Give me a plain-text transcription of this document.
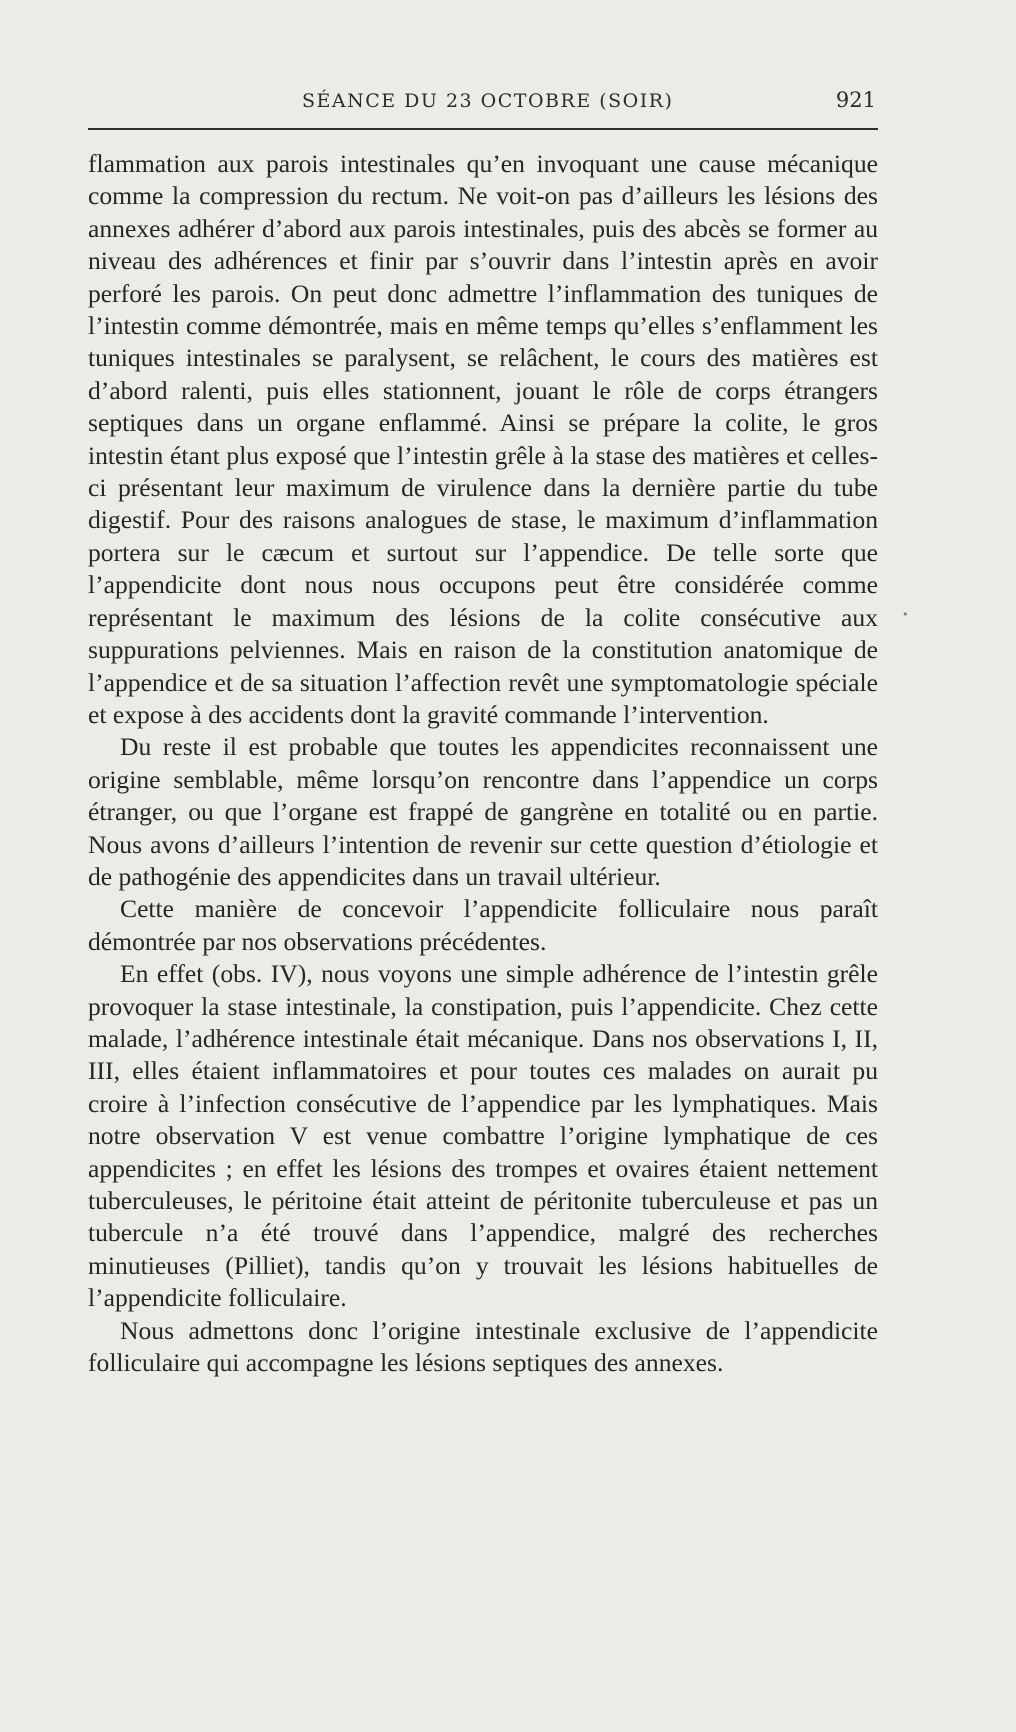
SÉANCE DU 23 OCTOBRE (SOIR)	921

flammation aux parois intestinales qu’en invoquant une cause mécanique comme la compression du rectum. Ne voit-on pas d’ailleurs les lésions des annexes adhérer d’abord aux parois intestinales, puis des abcès se former au niveau des adhérences et finir par s’ouvrir dans l’intestin après en avoir perforé les parois. On peut donc admettre l’inflammation des tuniques de l’intestin comme démontrée, mais en même temps qu’elles s’enflamment les tuniques intestinales se paralysent, se relâchent, le cours des matières est d’abord ralenti, puis elles stationnent, jouant le rôle de corps étrangers septiques dans un organe enflammé. Ainsi se prépare la colite, le gros intestin étant plus exposé que l’intestin grêle à la stase des matières et celles-ci présentant leur maximum de virulence dans la dernière partie du tube digestif. Pour des raisons analogues de stase, le maximum d’inflammation portera sur le cæcum et surtout sur l’appendice. De telle sorte que l’appendicite dont nous nous occupons peut être considérée comme représentant le maximum des lésions de la colite consécutive aux suppurations pelviennes. Mais en raison de la constitution anatomique de l’appendice et de sa situation l’affection revêt une symptomatologie spéciale et expose à des accidents dont la gravité commande l’intervention.

Du reste il est probable que toutes les appendicites reconnaissent une origine semblable, même lorsqu’on rencontre dans l’appendice un corps étranger, ou que l’organe est frappé de gangrène en totalité ou en partie. Nous avons d’ailleurs l’intention de revenir sur cette question d’étiologie et de pathogénie des appendicites dans un travail ultérieur.

Cette manière de concevoir l’appendicite folliculaire nous paraît démontrée par nos observations précédentes.

En effet (obs. IV), nous voyons une simple adhérence de l’intestin grêle provoquer la stase intestinale, la constipation, puis l’appendicite. Chez cette malade, l’adhérence intestinale était mécanique. Dans nos observations I, II, III, elles étaient inflammatoires et pour toutes ces malades on aurait pu croire à l’infection consécutive de l’appendice par les lymphatiques. Mais notre observation V est venue combattre l’origine lymphatique de ces appendicites ; en effet les lésions des trompes et ovaires étaient nettement tuberculeuses, le péritoine était atteint de péritonite tuberculeuse et pas un tubercule n’a été trouvé dans l’appendice, malgré des recherches minutieuses (Pilliet), tandis qu’on y trouvait les lésions habituelles de l’appendicite folliculaire.

Nous admettons donc l’origine intestinale exclusive de l’appendicite folliculaire qui accompagne les lésions septiques des annexes.

•
